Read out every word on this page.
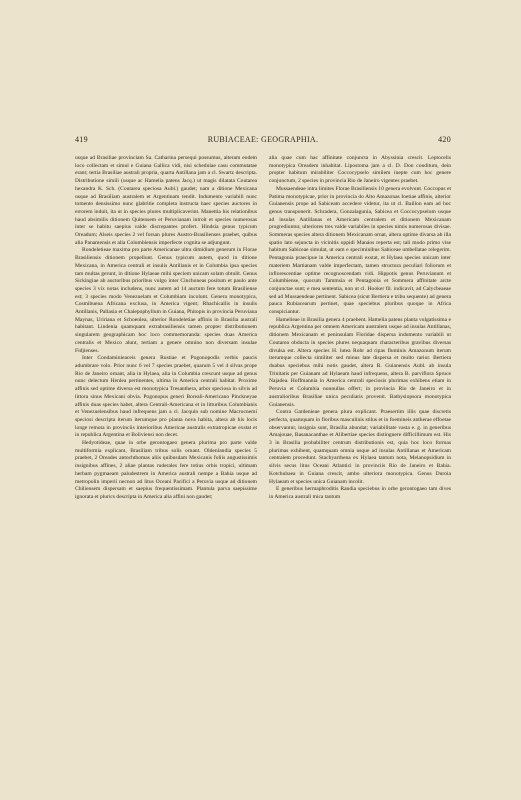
419	RUBIACEAE: GEOGRAPHIA.	420

usque ad Brasiliae provinciam Sa. Catharina persequi possumus, alteram eodem loco collectam et simul e Guiana Gallica vidi, nisi schedulae casu commutatae erant; tertia Brasiliae australi propria, quarta Antillana jam a cl. Swartz descripta. Distributione simili (usque ac Hamelia patens Jacq.) ut magis dilatata Coutarea hexandra K. Sch. (Coutarea speciosa Aubl.) gaudet; nam a ditione Mexicana usque ad Brasiliam australem et Argentinam tendit. Indumento variabili nunc tomento densissimo nunc glabritie completa instructa haec species auctores in errorem induit, ita ut in species plures multiplicaverint. Manettia his relationibus haud absimilis ditionem Quitensem et Peruvianam introit et species numerosas inter se habitu saepius valde discrepantes profert. Hindsia genus typicum Oreadum; Alseis species 2 vel forsan plures Austro-Brasilienses praebet, quibus alia Panamensis et alia Columbiensis imperfecte cognita se adjungunt.

Rondeletieae maxima pro parte Americanae ultra dimidium generum in Florae Brasiliensis ditionem propellunt. Genus typicum autem, quod in ditione Mexicana, in America centrali et insulis Antillanis et in Columbia ipsa species tam multas gerunt, in ditione Hylaeae mihi speciem unicam solam obtulit. Genus Sickingiae ab auctoribus prioribus vulgo inter Cinchoneas positum et paulo ante species 3 vix notas includens, nunc autem ad 14 auctum fere totum Brasiliense est; 3 species modo Venezuelam et Columbiam incolunt. Genera monotypica, Cosmibuena Africana exclusa, in America vigent; Rhachicallis in insulis Antillanis, Pallasia et Chalepophyllum in Guiana, Phitopis in provincia Peruviana Maynas, Uririana et Schoenlea, ulterior Rondeletiae affinis in Brasilia australi habitant. Lindenia quamquam extrabrasiliensis tamen propter distributionem singularem geographicam hoc loco commemoranda: species duas America centralis et Mexico alunt, tertiam a genere omnino non diversam insulae Fidjienses.

Inter Condaminieaceis genera Rustiae et Pogonopodis verbis paucis adumbrare volo. Prior nunc 6 vel 7 species praebet, quarum 5 vel 4 silvas prope Rio de Janeiro ornant, alia in Hylaea, alia in Columbia crescunt usque ad genus nunc delectum Henlea pertinentes, ultima in America centrali habitat. Proxime affinis sed optime diversa est monotypica Tresanthera, arbor speciosa in silvis ad littora sinus Mexicani obvia. Pogonopus generi Boreali-Americano Pinckneyae affinis duas species habet, altera Centrali-Americana et in litturibus Columbianis et Venezuelensibus haud infrequens jam a cl. Jacquin sub nomine Macrocnemi speciosi descripta iterum iterumque pro planta nova habita, altera ab his locis longe remota in provinciis interioribus Americae australis extratropicae exstat et in republica Argentina et Boliviensi non decet.

Hedyotideae, quae in orbe gerontogaeo genera plurima pro parte valde multiformia explicant, Brasiliam tribus solis ornant. Oldenlandia species 5 praebet, 2 Oreades antochthomas aliis quibusdam Mexicanis foliis angustissimis insignibus affines, 2 aliae plantas ruderales fere totius orbis tropici, ultimam herbam pygmaeam paludestrem in America australi nempe a Bahia usque ad metropolin imperii necnon ad litus Oceani Pacifici a Peruvia usque ad ditionem Chiliensem dispersam et saepius frequentissimam. Plantula parva saepissime ignorata et plurics descripta in America alia affini non gaudet;

alia quae cum hac affinitate conjuncta in Abyssinia crescit. Leptocelis monotypica Oreadem inhabitat. Lipostoma jam a cl. D. Don conditum, dein propter habitum mirabiliter Coccocypselo similem inepte cum hoc genere conjunctum, 2 species in provincia Rio de Janeiro vigentes praebet.

Mussaendeae intra limites Florae Brasiliensis 10 genera evolvunt. Coccopus et Patima monotypicae, prior in provincia do Alto Amazonas Ioetiae affinis, alterior Guianensis prope ad Sabiceam accedere videtur, ita ut cl. Baillon eam ad hoc genus transponerit. Schradera, Gonzalagunia, Sabicea et Coccocypselum usque ad insulas Antillanas et Americam centralem et ditionem Mexicanam progrediuntur, ulteriores tres valde variabiles in species nimis numerosas divisae. Sommeras species altera ditionem Mexicanam ornat, altera optime divarsa ab illa spatio lato sejuncta in vicinitis oppidi Manáos reperta est; tali modo primo vise habitum Sabiceae simulat, ut eam e speciminibus Sabiceae umbellatae relegerim. Pentagonia praecipue in America centrali exstat, et Hylaea species unicam inter materiem Martianam valde imperfectam, tamen structura peculiari foliorum et inflorescentiae optime recognoscendam vidi. Hippotis genus Peruvianum et Columbiense, quocum Tammsia et Pentagonia et Sommera affinitate arcte conjunctae sunt; e mea sententia, non ut cl. Hooker fil. indicavit, ad Calycbeaeae sed ad Mussaendeae pertinent. Sabicea (sicut Bertiera e tribu sequente) ad genera pauca Rubiacearum pertinet, quae speciebus pluribus quoque in Africa conspiciantur.

Hamelieae in Brasilia genera 4 praebent. Hamelia patens planta vulgatissima e republica Argentina per omnem Americam australem usque ad insulas Antillanas, ditionem Mexicanam et peninsulam Floridae dispersa indumento variabili ut Coutarea obducta in species plures nequaquam characteribus gravibus diversas divulsa est. Altera species H. lutea Rohr ad ripas fluminis Amazonum iterum iterumque collecta similiter sed minus late dispersa et multo rarior. Bertiera duabus speciebus mihi notis gaudet, altera B. Guianensis Aubl. ab insula Trinitatis per Guianam ad Hylaeam haud infrequens, altera B. parviflora Spruce Najadea. Hoffmannia in America centrali speciosis plurimas exhibens etiam in Peruvia et Columbia nonnullas offert; in provincia Rio de Janeiro et in australioribus Brasiliae unica peculiaris provenit. Bathysiopsora monotypica Guianensis.

Contra Gardenieae genera plura explicant. Praesertim illis quae discretis perfecta, quamquam in floribus masculinis stilus et in foemineis antherae effoetae observantur, insignia sunt, Brasilia abundat; variabilitate vasta e. g. in generibus Amajouae, Basanacanthae et Alibertiae species distinguere difficillimum est. His 3 in Brasilia probabiliter centrum distributionis est, quia hoc loco formas plurimas exhibent, quamquam omnia usque ad insulas Antillanas et Americam centralem procedunt. Stachyarrhena ex Hylaea tantum nota, Melanopsidium in silvis secus litus Oceani Atlantici in provinciis Rio de Janeiro et Bahia. Kotchubaea in Guiana crescit, ambo ulteriora monotypica. Genus Duroia Hylaeam et species unica Guianam incolit.

E generibus hermaphroditis Randia speciebus in orbe gerontogaeo tam dives in America australi mica tantum
